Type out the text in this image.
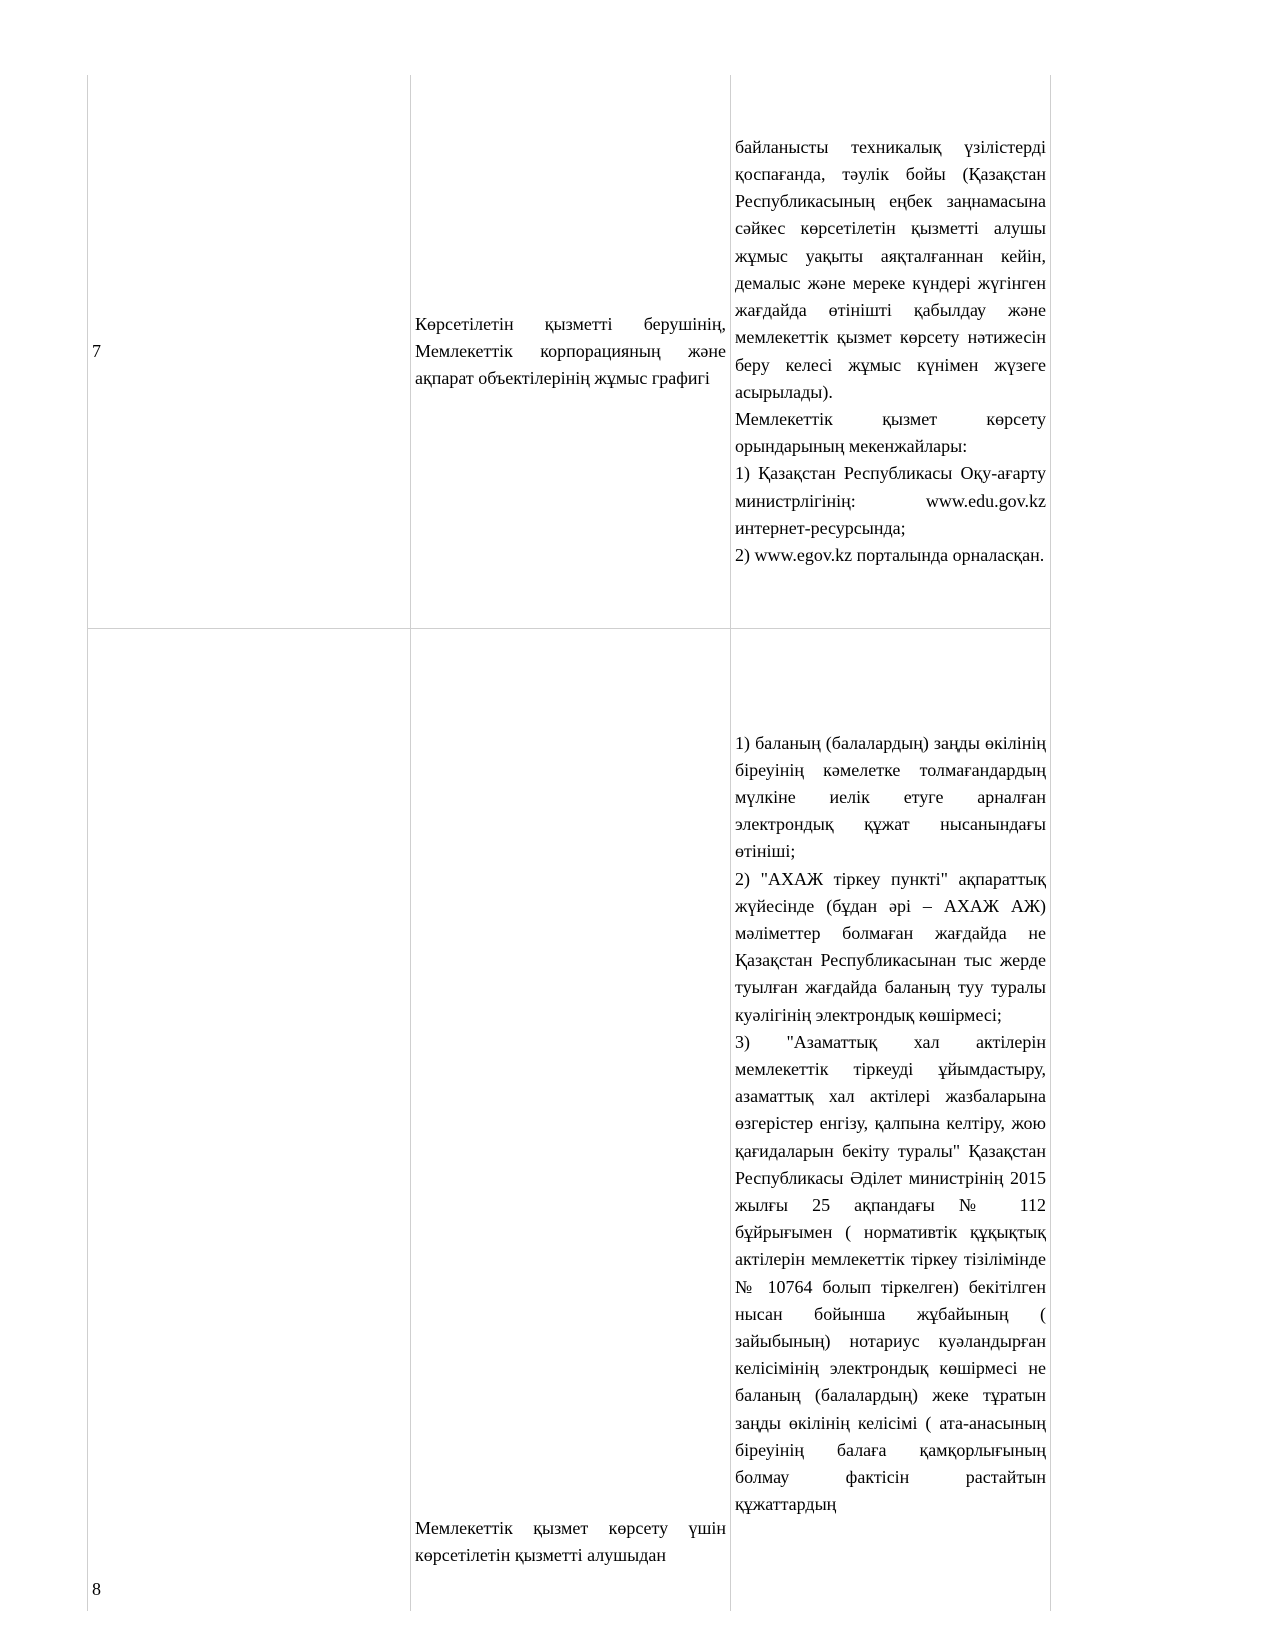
7	Көрсетілетін қызметті берушінің, Мемлекеттік корпорацияның және ақпарат объектілерінің жұмыс графигі	байланысты техникалық үзілістерді қоспағанда, тәулік бойы (Қазақстан Республикасының еңбек заңнамасына сәйкес көрсетілетін қызметті алушы жұмыс уақыты аяқталғаннан кейін, демалыс және мереке күндері жүгінген жағдайда өтінішті қабылдау және мемлекеттік қызмет көрсету нәтижесін беру келесі жұмыс күнімен жүзеге асырылады).

Мемлекеттік қызмет көрсету орындарының мекенжайлары:

1) Қазақстан Республикасы Оқу-ағарту министрлігінің: www.edu.gov.kz интернет-ресурсында;

2) www.egov.kz порталында орналасқан.

8	Мемлекеттік қызмет көрсету үшін көрсетілетін қызметті алушыдан	1) баланың (балалардың) заңды өкілінің біреуінің кәмелетке толмағандардың мүлкіне иелік етуге арналған электрондық құжат нысанындағы өтініші;

2) "АХАЖ тіркеу пункті" ақпараттық жүйесінде (бұдан әрі – АХАЖ АЖ) мәліметтер болмаған жағдайда не Қазақстан Республикасынан тыс жерде туылған жағдайда баланың туу туралы куәлігінің электрондық көшірмесі;

3) "Азаматтық хал актілерін мемлекеттік тіркеуді ұйымдастыру, азаматтық хал актілері жазбаларына өзгерістер енгізу, қалпына келтіру, жою қағидаларын бекіту туралы" Қазақстан Республикасы Әділет министрінің 2015 жылғы 25 ақпандағы № 112 бұйрығымен ( нормативтік құқықтық актілерін мемлекеттік тіркеу тізілімінде № 10764 болып тіркелген) бекітілген нысан бойынша жұбайының ( зайыбының) нотариус куәландырған келісімінің электрондық көшірмесі не баланың (балалардың) жеке тұратын заңды өкілінің келісімі ( ата-анасының біреуінің балаға қамқорлығының болмау фактісін растайтын құжаттардың
